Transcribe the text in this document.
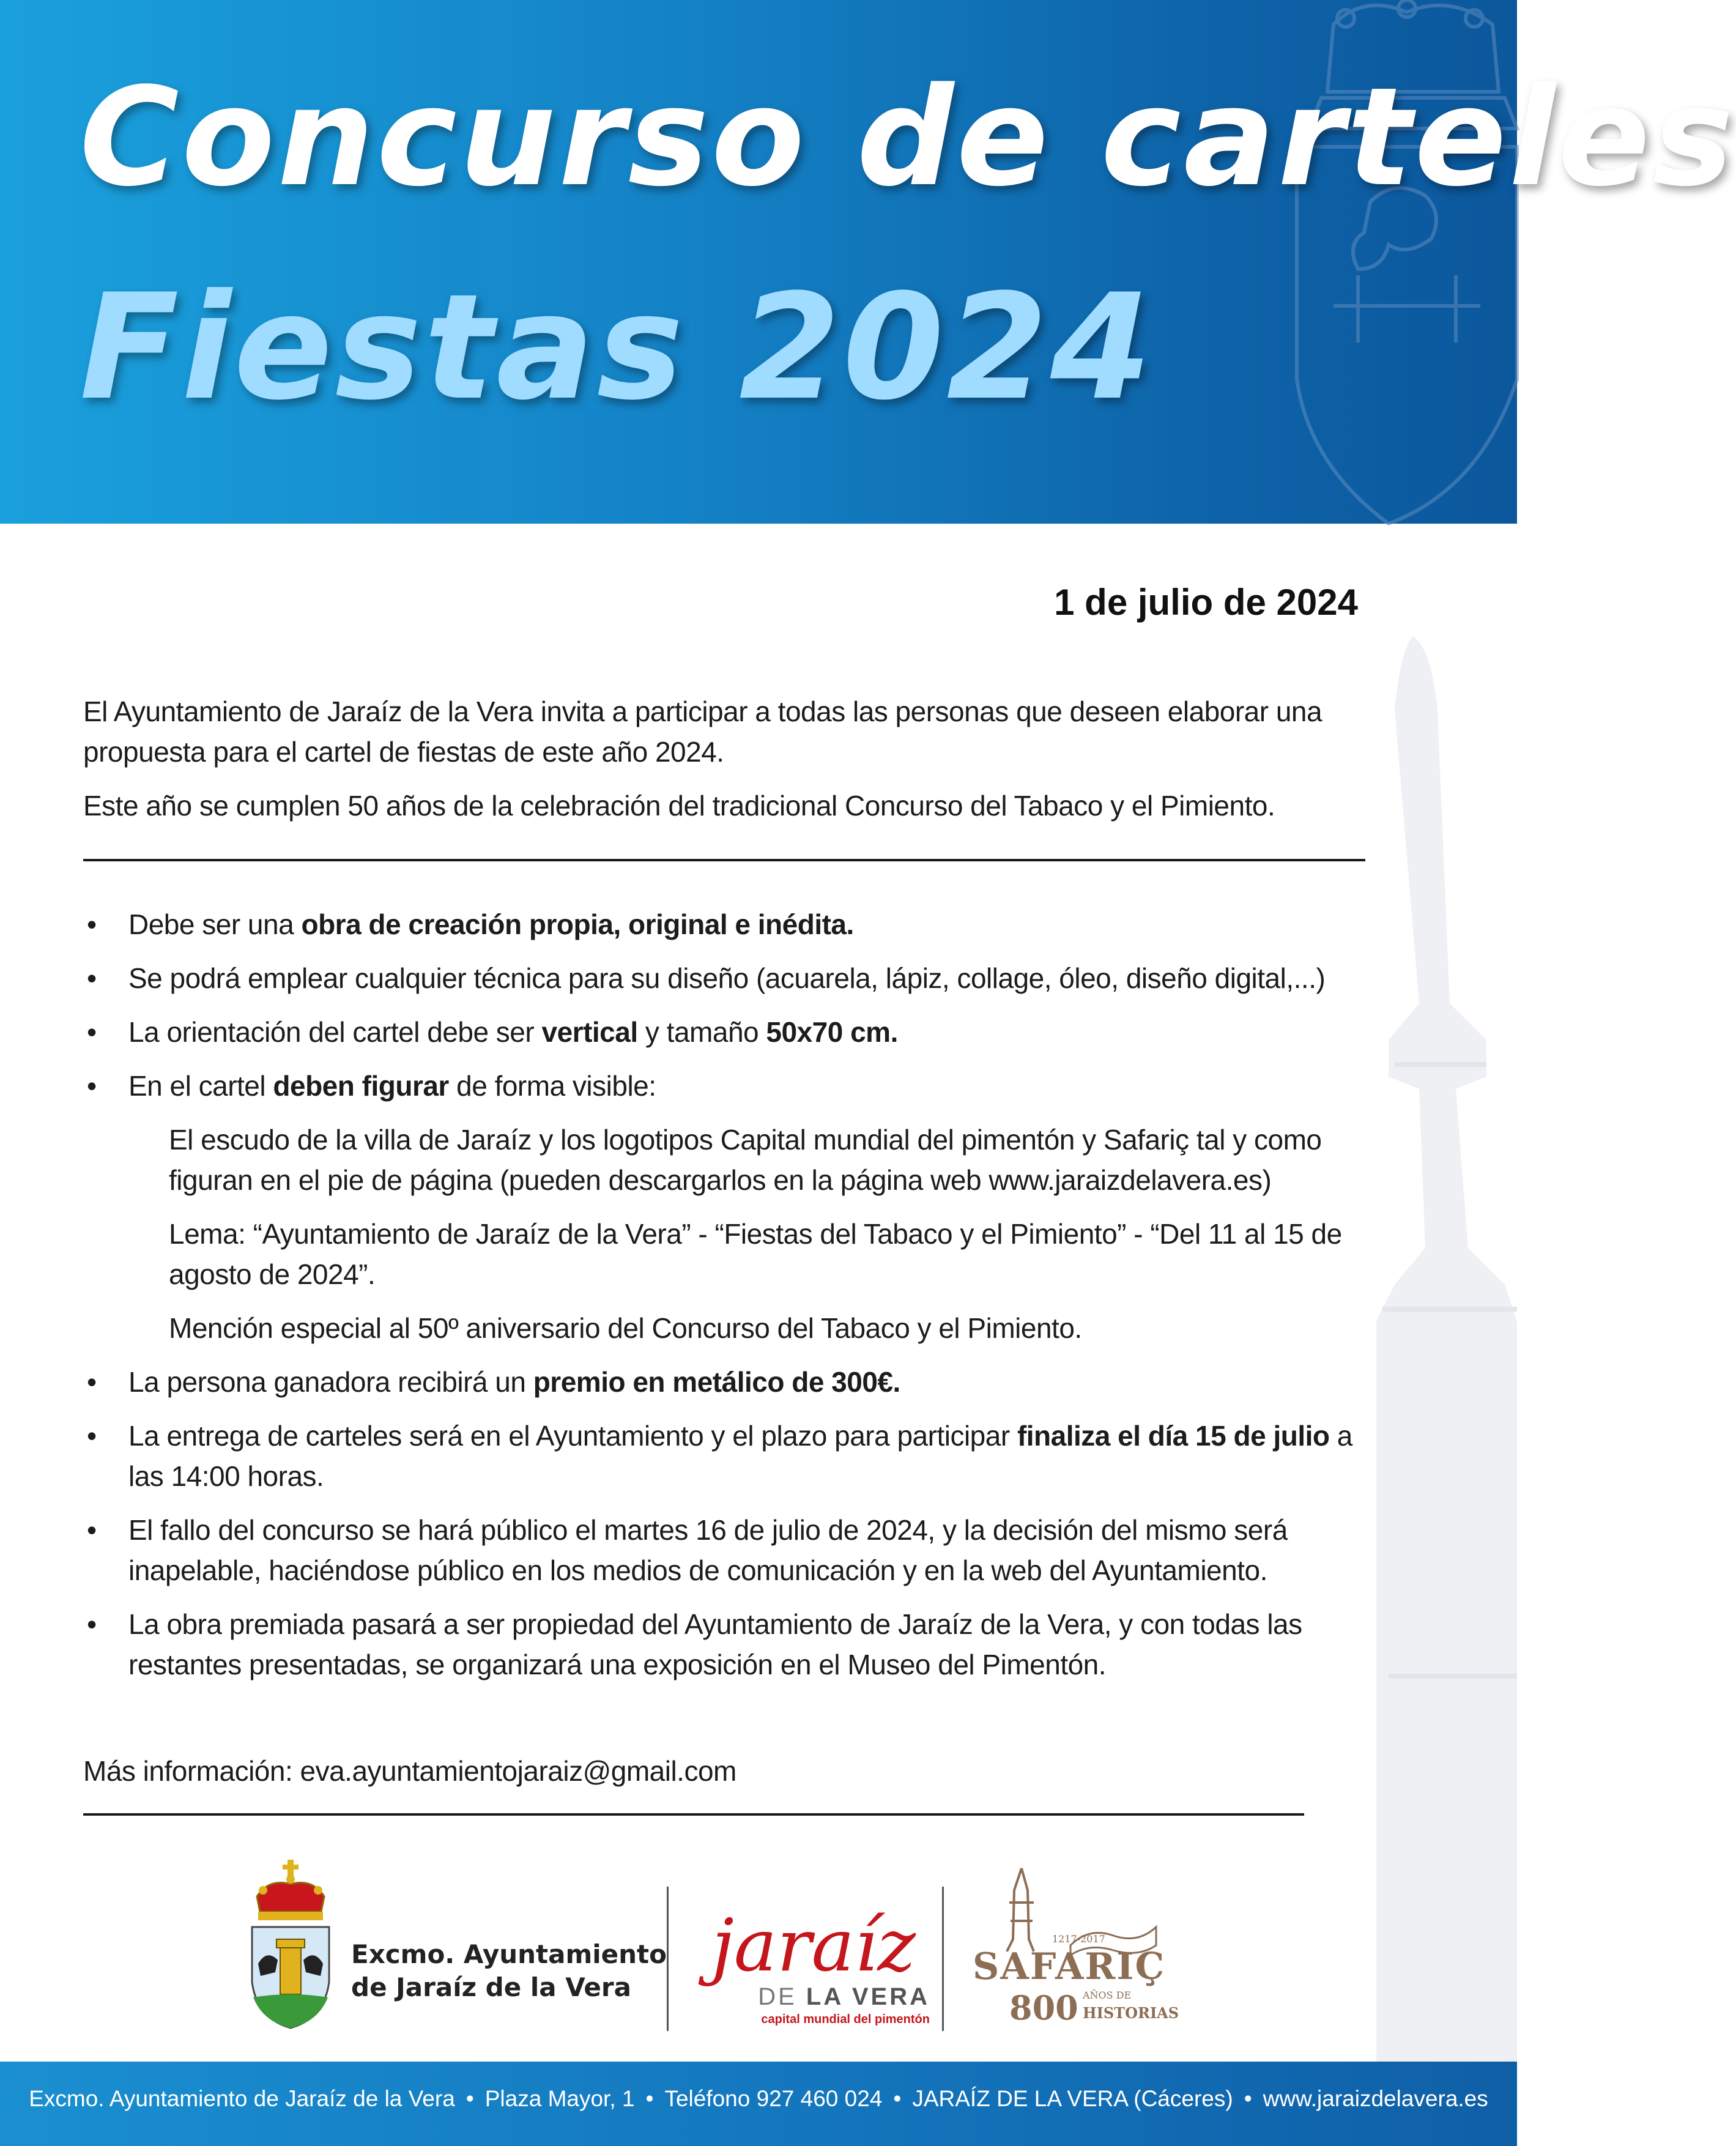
Concurso de carteles
Fiestas 2024

1 de julio de 2024

El Ayuntamiento de Jaraíz de la Vera invita a participar a todas las personas que deseen elaborar una propuesta para el cartel de fiestas de este año 2024.

Este año se cumplen 50 años de la celebración del tradicional Concurso del Tabaco y el Pimiento.

•	Debe ser una obra de creación propia, original e inédita.
•	Se podrá emplear cualquier técnica para su diseño (acuarela, lápiz, collage, óleo, diseño digital,...)
•	La orientación del cartel debe ser vertical y tamaño 50x70 cm.
•	En el cartel deben figurar de forma visible:
El escudo de la villa de Jaraíz y los logotipos Capital mundial del pimentón y Safariç tal y como figuran en el pie de página (pueden descargarlos en la página web www.jaraizdelavera.es)
Lema: “Ayuntamiento de Jaraíz de la Vera” - “Fiestas del Tabaco y el Pimiento” - “Del 11 al 15 de agosto de 2024”.
Mención especial al 50º aniversario del Concurso del Tabaco y el Pimiento.
•	La persona ganadora recibirá un premio en metálico de 300€.
•	La entrega de carteles será en el Ayuntamiento y el plazo para participar finaliza el día 15 de julio a las 14:00 horas.
•	El fallo del concurso se hará público el martes 16 de julio de 2024, y la decisión del mismo será inapelable, haciéndose público en los medios de comunicación y en la web del Ayuntamiento.
•	La obra premiada pasará a ser propiedad del Ayuntamiento de Jaraíz de la Vera, y con todas las restantes presentadas, se organizará una exposición en el Museo del Pimentón.

Más información: eva.ayuntamientojaraiz@gmail.com

Excmo. Ayuntamiento
de Jaraíz de la Vera	jaraíz

DE LA VERA

capital mundial del pimentón

1217-2017

SAFARIÇ

800 AÑOS DE

HISTORIAS

Excmo. Ayuntamiento de Jaraíz de la Vera • Plaza Mayor, 1 • Teléfono 927 460 024 • JARAÍZ DE LA VERA (Cáceres) • www.jaraizdelavera.es
